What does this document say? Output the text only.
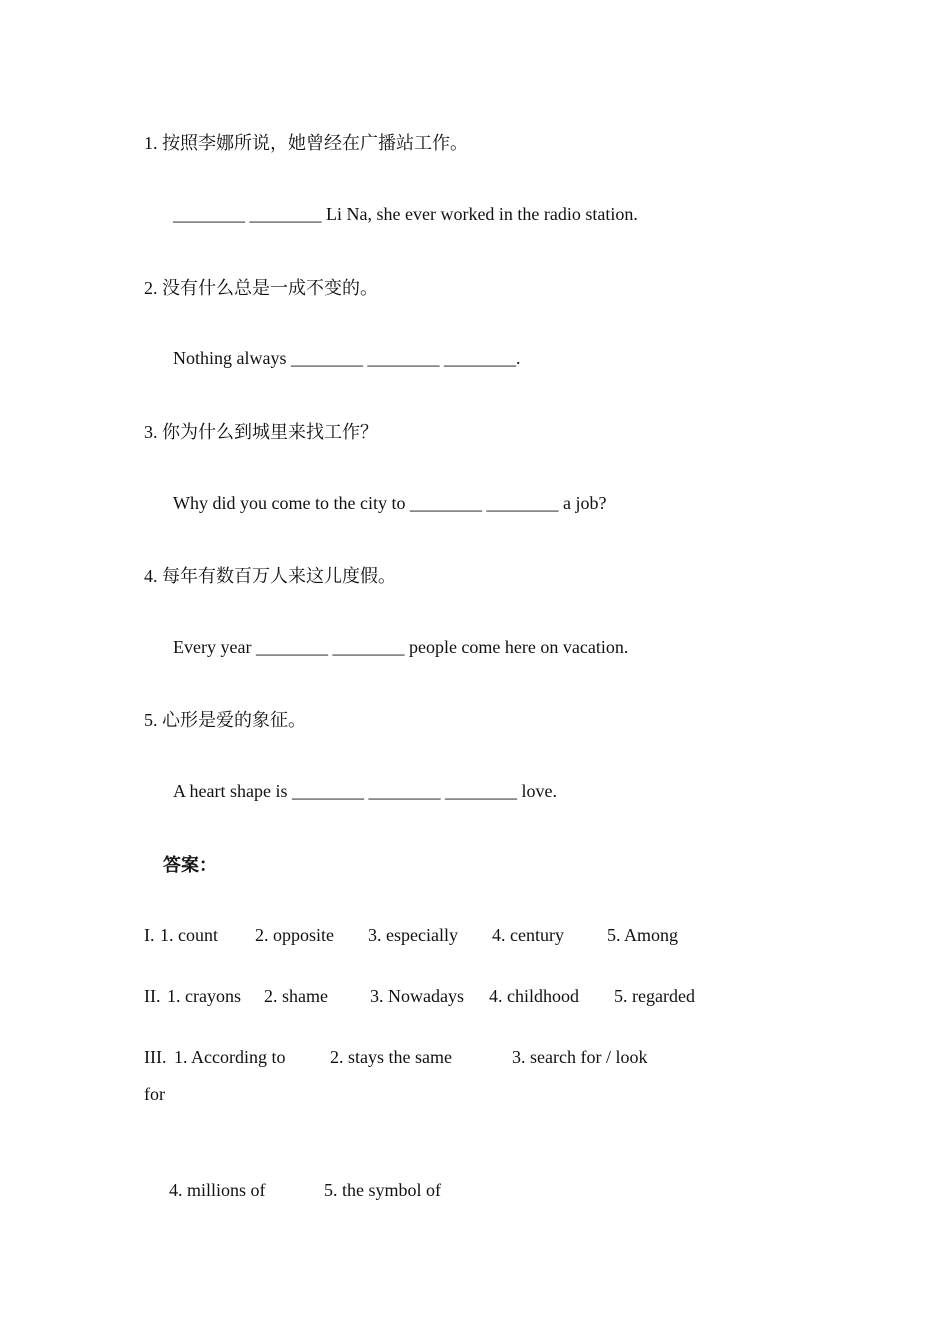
1. 按照李娜所说，她曾经在广播站工作。
________ ________ Li Na, she ever worked in the radio station.
2. 没有什么总是一成不变的。
Nothing always ________ ________ ________.
3. 你为什么到城里来找工作？
Why did you come to the city to ________ ________ a job?
4. 每年有数百万人来这儿度假。
Every year ________ ________ people come here on vacation.
5. 心形是爱的象征。
A heart shape is ________ ________ ________ love.
答案：
I. 1. count 2. opposite 3. especially 4. century 5. Among
II. 1. crayons 2. shame 3. Nowadays 4. childhood 5. regarded
III. 1. According to 2. stays the same	3. search for / look
for
4. millions of	5. the symbol of
